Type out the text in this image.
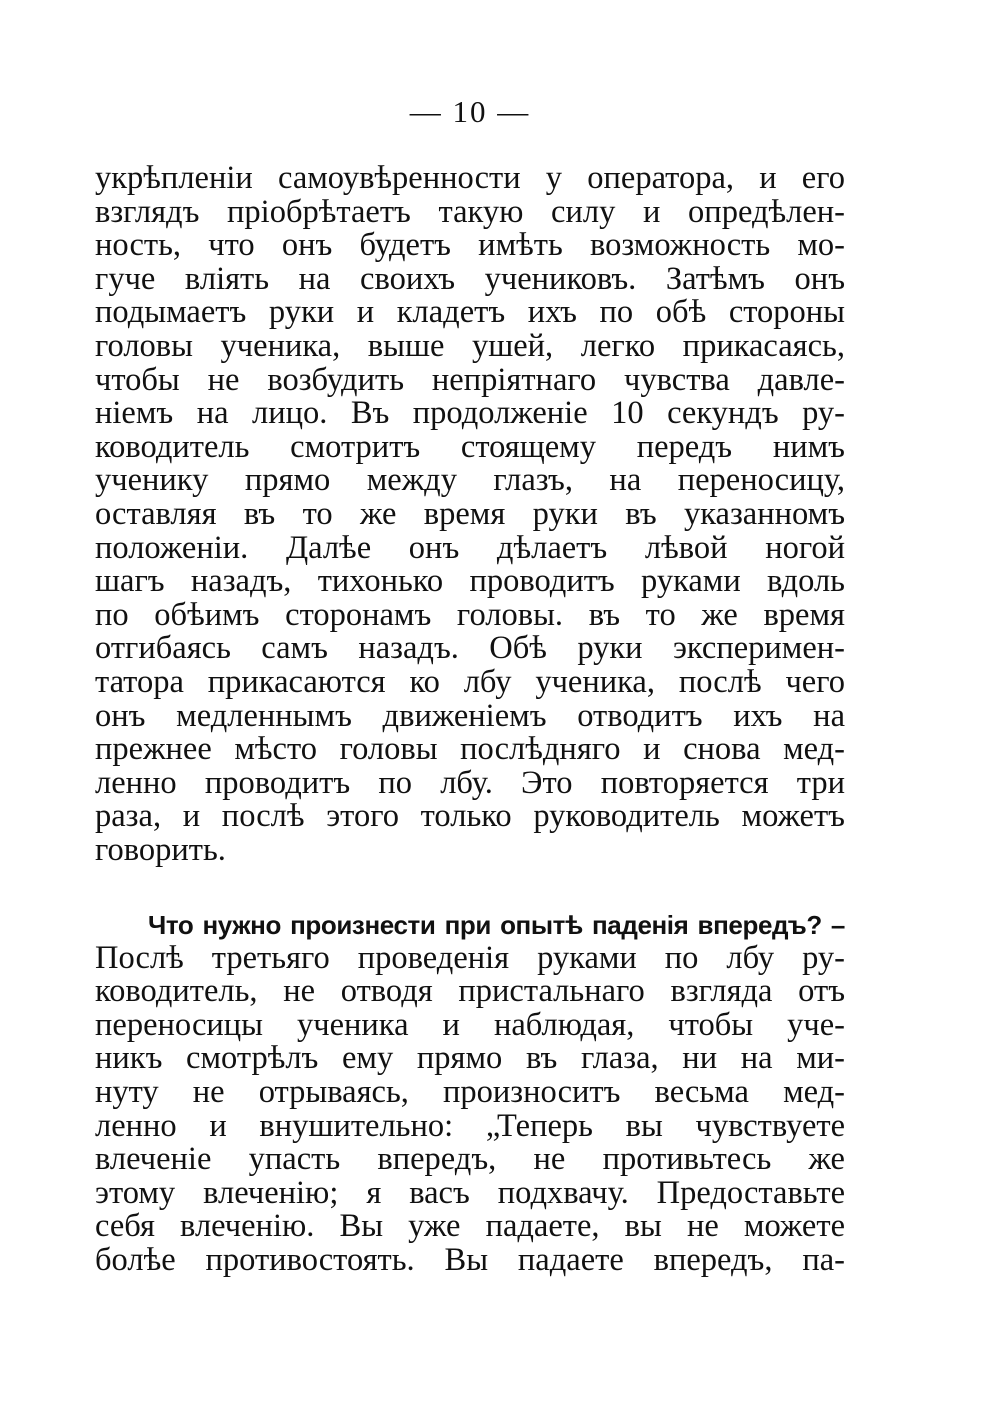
— 10 —
укрѣпленіи самоувѣренности у оператора, и его
взглядъ пріобрѣтаетъ такую силу и опредѣлен-
ность, что онъ будетъ имѣть возможность мо-
гуче вліять на своихъ учениковъ. Затѣмъ онъ
подымаетъ руки и кладетъ ихъ по обѣ стороны
головы ученика, выше ушей, легко прикасаясь,
чтобы не возбудить непріятнаго чувства давле-
ніемъ на лицо. Въ продолженіе 10 секундъ ру-
ководитель смотритъ стоящему передъ нимъ
ученику прямо между глазъ, на переносицу,
оставляя въ то же время руки въ указанномъ
положеніи. Далѣе онъ дѣлаетъ лѣвой ногой
шагъ назадъ, тихонько проводитъ руками вдоль
по обѣимъ сторонамъ головы. въ то же время
отгибаясь самъ назадъ. Обѣ руки эксперимен-
татора прикасаются ко лбу ученика, послѣ чего
онъ медленнымъ движеніемъ отводитъ ихъ на
прежнее мѣсто головы послѣдняго и снова мед-
ленно проводитъ по лбу. Это повторяется три
раза, и послѣ этого только руководитель можетъ
говорить.
Что нужно произнести при опытѣ паденія впередъ? –
Послѣ третьяго проведенія руками по лбу ру-
ководитель, не отводя пристальнаго взгляда отъ
переносицы ученика и наблюдая, чтобы уче-
никъ смотрѣлъ ему прямо въ глаза, ни на ми-
нуту не отрываясь, произноситъ весьма мед-
ленно и внушительно: „Теперь вы чувствуете
влеченіе упасть впередъ, не противьтесь же
этому влеченію; я васъ подхвачу. Предоставьте
себя влеченію. Вы уже падаете, вы не можете
болѣе противостоять. Вы падаете впередъ, па-
